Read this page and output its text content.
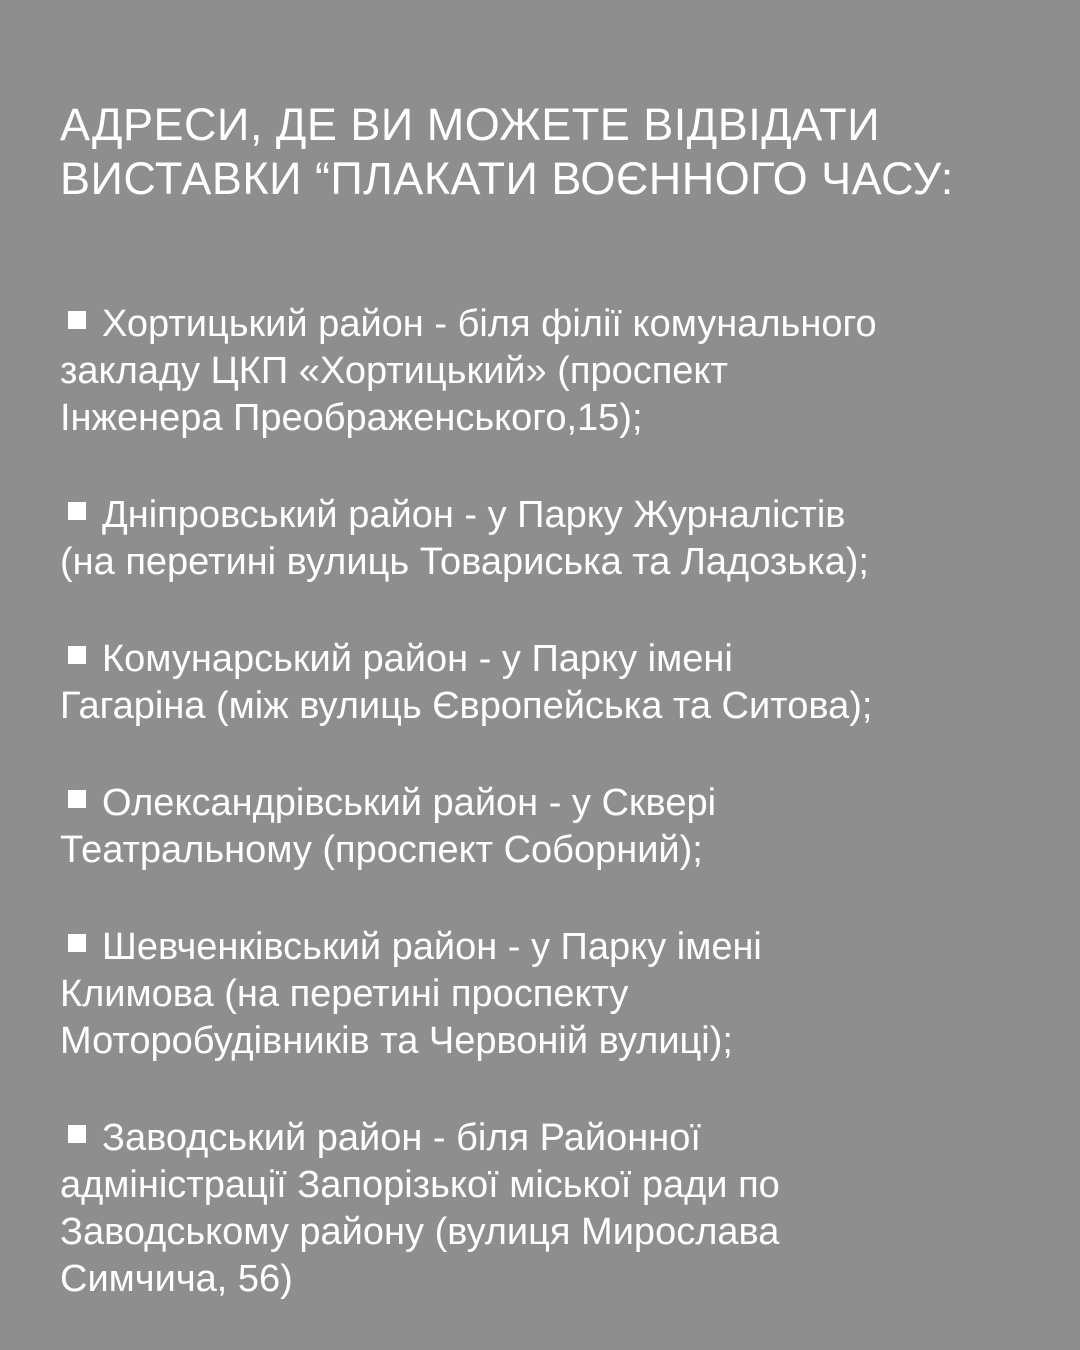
АДРЕСИ, ДЕ ВИ МОЖЕТЕ ВІДВІДАТИ
ВИСТАВКИ “ПЛАКАТИ ВОЄННОГО ЧАСУ:
Хортицький район - біля філії комунального
закладу ЦКП «Хортицький» (проспект
Інженера Преображенського,15);
Дніпровський район - у Парку Журналістів
(на перетині вулиць Товариська та Ладозька);
Комунарський район - у Парку імені
Гагаріна (між вулиць Європейська та Ситова);
Олександрівський район - у Сквері
Театральному (проспект Соборний);
Шевченківський район - у Парку імені
Климова (на перетині проспекту
Моторобудівників та Червоній вулиці);
Заводський район - біля Районної
адміністрації Запорізької міської ради по
Заводському району (вулиця Мирослава
Симчича, 56)
